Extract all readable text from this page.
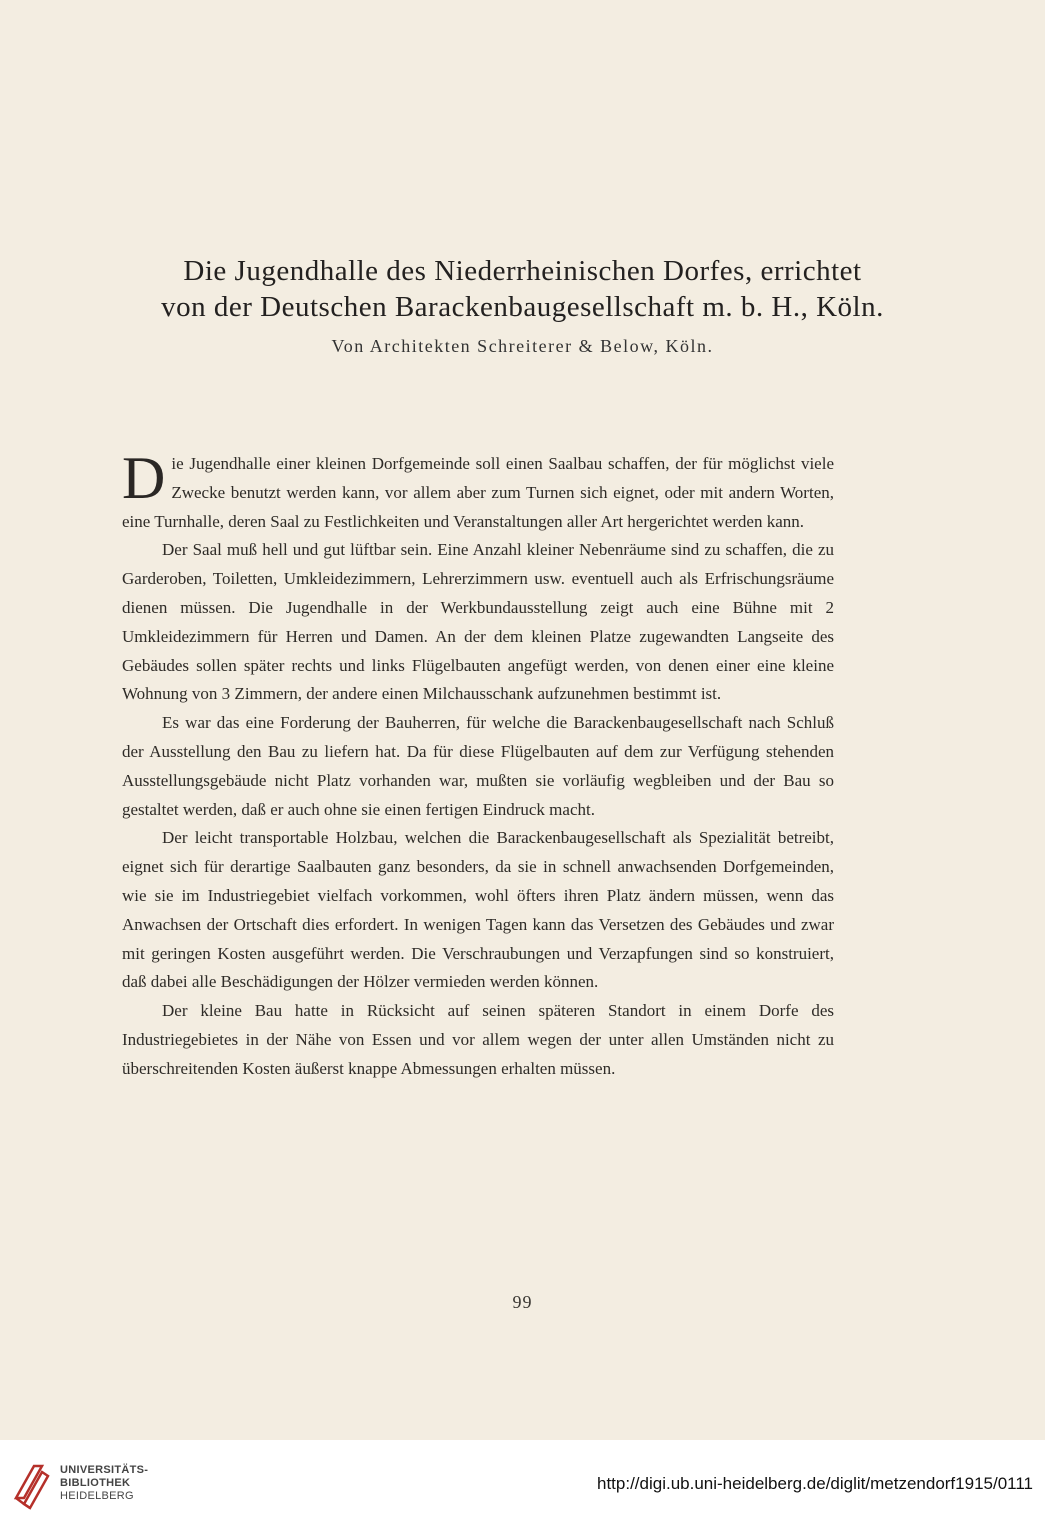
Die Jugendhalle des Niederrheinischen Dorfes, errichtet
von der Deutschen Barackenbaugesellschaft m. b. H., Köln.
Von Architekten Schreiterer & Below, Köln.

Die Jugendhalle einer kleinen Dorfgemeinde soll einen Saalbau schaffen, der für möglichst viele Zwecke benutzt werden kann, vor allem aber zum Turnen sich eignet, oder mit andern Worten, eine Turnhalle, deren Saal zu Festlichkeiten und Veranstaltungen aller Art hergerichtet werden kann.

Der Saal muß hell und gut lüftbar sein. Eine Anzahl kleiner Nebenräume sind zu schaffen, die zu Garderoben, Toiletten, Umkleidezimmern, Lehrerzimmern usw. eventuell auch als Erfrischungsräume dienen müssen. Die Jugendhalle in der Werkbundausstellung zeigt auch eine Bühne mit 2 Umkleidezimmern für Herren und Damen. An der dem kleinen Platze zugewandten Langseite des Gebäudes sollen später rechts und links Flügelbauten angefügt werden, von denen einer eine kleine Wohnung von 3 Zimmern, der andere einen Milchausschank aufzunehmen bestimmt ist.

Es war das eine Forderung der Bauherren, für welche die Barackenbaugesellschaft nach Schluß der Ausstellung den Bau zu liefern hat. Da für diese Flügelbauten auf dem zur Verfügung stehenden Ausstellungsgebäude nicht Platz vorhanden war, mußten sie vorläufig wegbleiben und der Bau so gestaltet werden, daß er auch ohne sie einen fertigen Eindruck macht.

Der leicht transportable Holzbau, welchen die Barackenbaugesellschaft als Spezialität betreibt, eignet sich für derartige Saalbauten ganz besonders, da sie in schnell anwachsenden Dorfgemeinden, wie sie im Industriegebiet vielfach vorkommen, wohl öfters ihren Platz ändern müssen, wenn das Anwachsen der Ortschaft dies erfordert. In wenigen Tagen kann das Versetzen des Gebäudes und zwar mit geringen Kosten ausgeführt werden. Die Verschraubungen und Verzapfungen sind so konstruiert, daß dabei alle Beschädigungen der Hölzer vermieden werden können.

Der kleine Bau hatte in Rücksicht auf seinen späteren Standort in einem Dorfe des Industriegebietes in der Nähe von Essen und vor allem wegen der unter allen Umständen nicht zu überschreitenden Kosten äußerst knappe Abmessungen erhalten müssen.

99
UNIVERSITÄTS-
BIBLIOTHEK
HEIDELBERG
http://digi.ub.uni-heidelberg.de/diglit/metzendorf1915/0111
